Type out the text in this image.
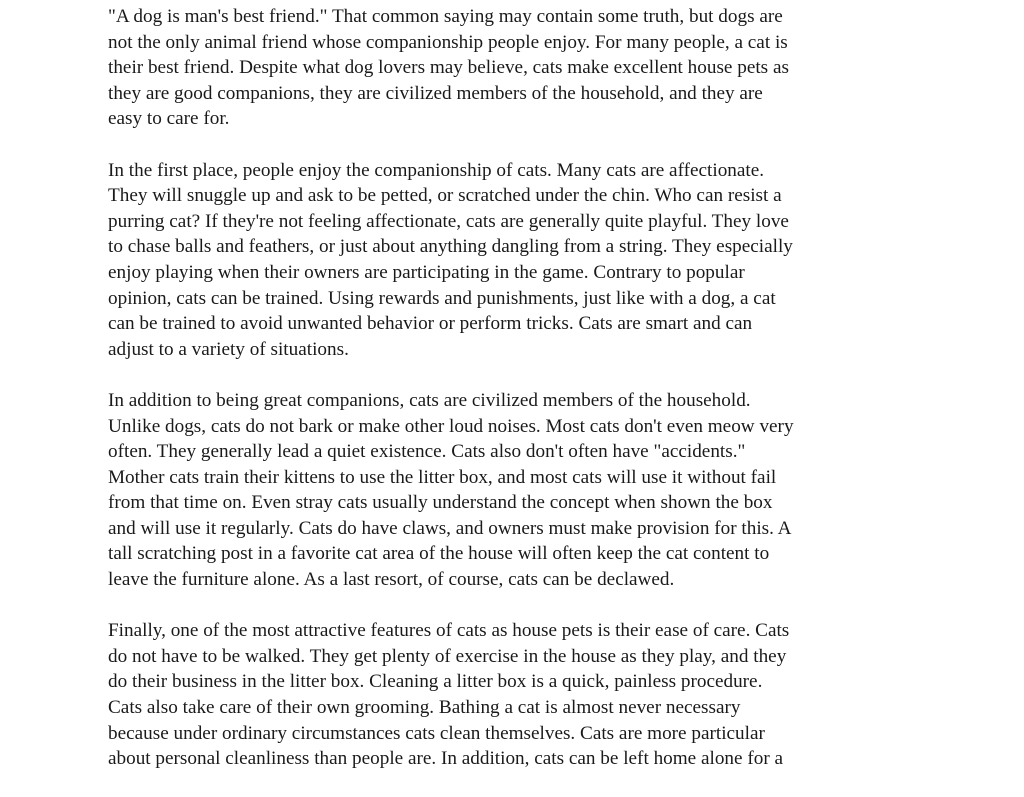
"A dog is man's best friend." That common saying may contain some truth, but dogs are
not the only animal friend whose companionship people enjoy. For many people, a cat is
their best friend. Despite what dog lovers may believe, cats make excellent house pets as
they are good companions, they are civilized members of the household, and they are
easy to care for.

In the first place, people enjoy the companionship of cats. Many cats are affectionate.
They will snuggle up and ask to be petted, or scratched under the chin. Who can resist a
purring cat? If they're not feeling affectionate, cats are generally quite playful. They love
to chase balls and feathers, or just about anything dangling from a string. They especially
enjoy playing when their owners are participating in the game. Contrary to popular
opinion, cats can be trained. Using rewards and punishments, just like with a dog, a cat
can be trained to avoid unwanted behavior or perform tricks. Cats are smart and can
adjust to a variety of situations.

In addition to being great companions, cats are civilized members of the household.
Unlike dogs, cats do not bark or make other loud noises. Most cats don't even meow very
often. They generally lead a quiet existence. Cats also don't often have "accidents."
Mother cats train their kittens to use the litter box, and most cats will use it without fail
from that time on. Even stray cats usually understand the concept when shown the box
and will use it regularly. Cats do have claws, and owners must make provision for this. A
tall scratching post in a favorite cat area of the house will often keep the cat content to
leave the furniture alone. As a last resort, of course, cats can be declawed.

Finally, one of the most attractive features of cats as house pets is their ease of care. Cats
do not have to be walked. They get plenty of exercise in the house as they play, and they
do their business in the litter box. Cleaning a litter box is a quick, painless procedure.
Cats also take care of their own grooming. Bathing a cat is almost never necessary
because under ordinary circumstances cats clean themselves. Cats are more particular
about personal cleanliness than people are. In addition, cats can be left home alone for a
